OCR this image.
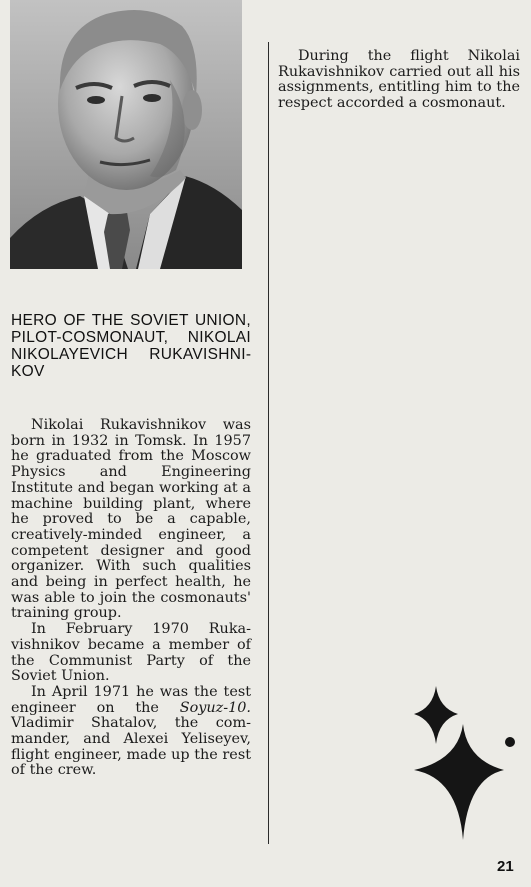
HERO OF THE SOVIET UNION, PILOT-COSMONAUT, NIKOLAI NIKOLAYEVICH RUKAVISHNIKOV

Nikolai Rukavishnikov was born in 1932 in Tomsk. In 1957 he graduated from the Moscow Physics and Engineering Institute and began working at a machine building plant, where he proved to be a capable, creatively-minded engineer, a competent designer and good organizer. With such qualities and being in perfect health, he was able to join the cosmonauts' training group.

In February 1970 Rukavishnikov became a member of the Communist Party of the Soviet Union.

In April 1971 he was the test engineer on the Soyuz-10. Vladimir Shatalov, the commander, and Alexei Yeliseyev, flight engineer, made up the rest of the crew.

During the flight Nikolai Rukavishnikov carried out all his assignments, entitling him to the respect accorded a cosmonaut.

21
